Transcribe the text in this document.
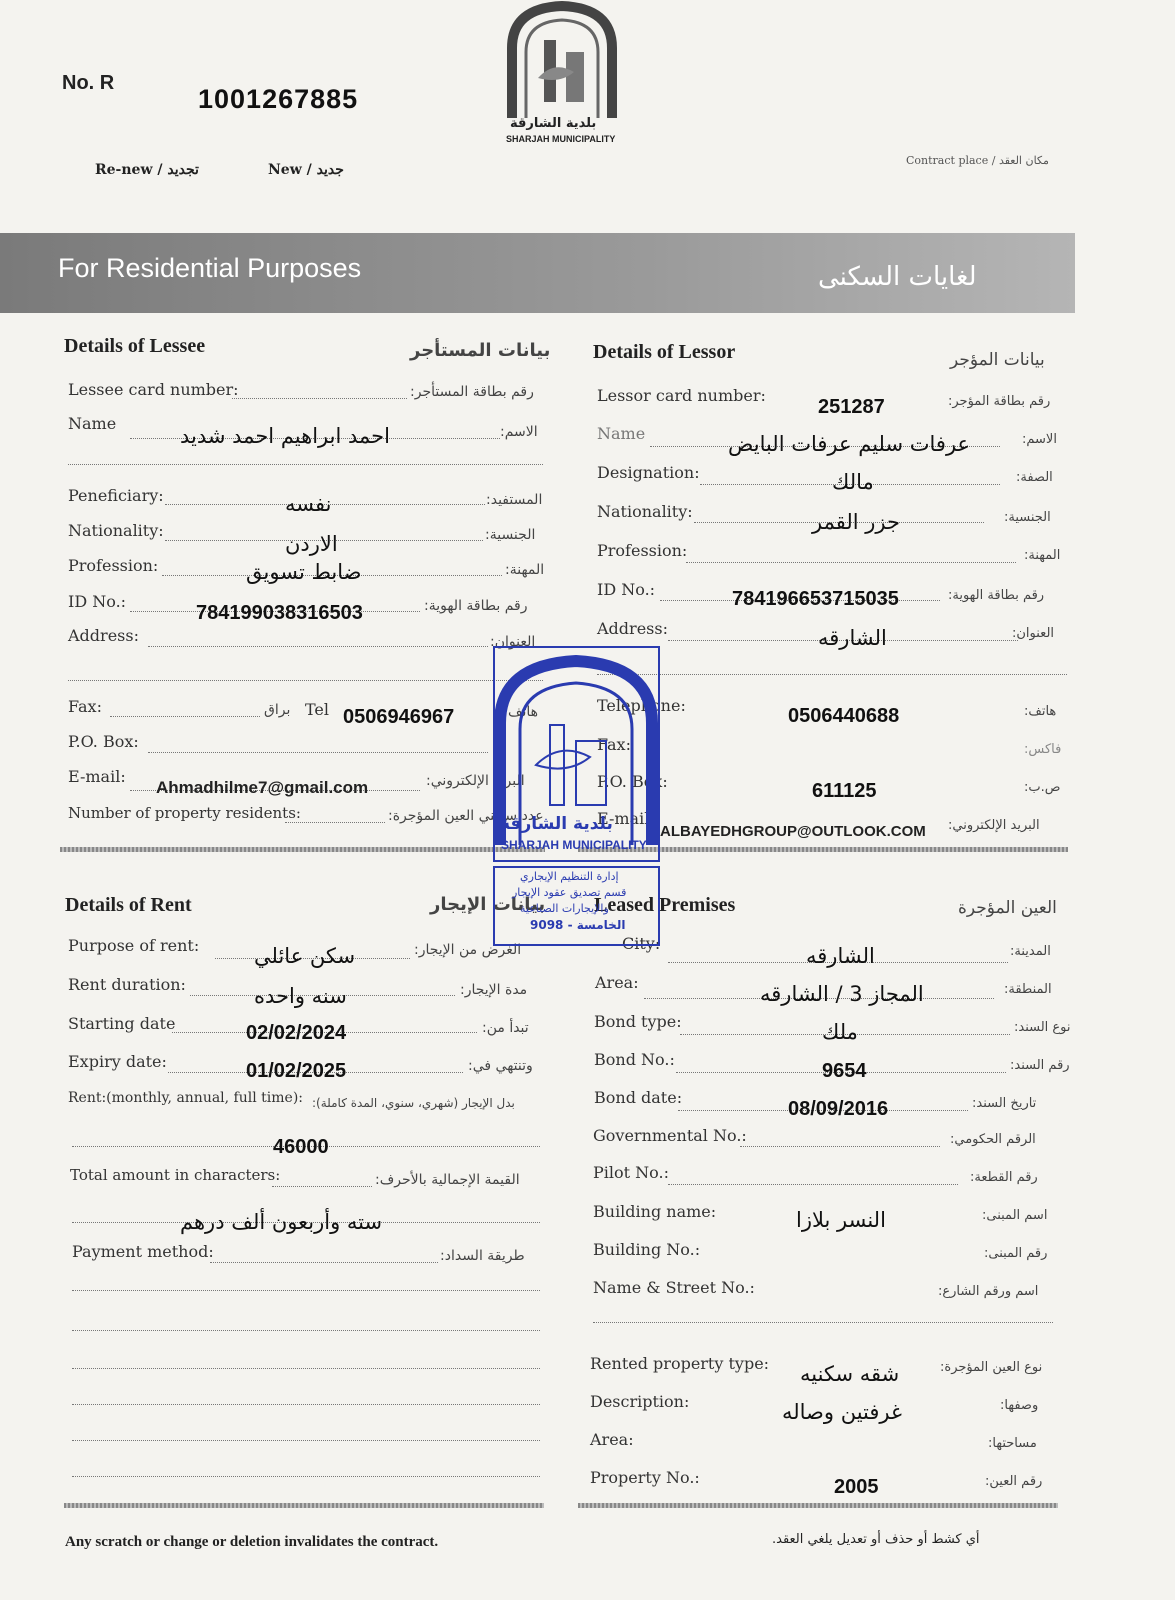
No. R
1001267885
Re-new / تجديد	New / جديد
Contract place / مكان العقد
بلدية الشارقة
SHARJAH MUNICIPALITY
For Residential Purposes	لغايات السكنى
Details of Lessee	بيانات المستأجر
Lessee card number:	رقم بطاقة المستأجر:
Name	الاسم:
احمد ابراهيم احمد شديد
Peneficiary:	المستفيد:
نفسه
Nationality:	الجنسية:
الاردن
Profession:	المهنة:
ضابط تسويق
ID No.:	رقم بطاقة الهوية:
784199038316503
Address:	العنوان:
Fax:	براق Tel 0506946967	هاتف
P.O. Box:
E-mail:	البريد الإلكتروني:
Ahmadhilme7@gmail.com
Number of property residents:	عدد ساكني العين المؤجرة:
Details of Lessor	بيانات المؤجر
Lessor card number:	رقم بطاقة المؤجر:
251287
Name	الاسم:
عرفات سليم عرفات البايض
Designation:	الصفة:
مالك
Nationality:	الجنسية:
جزر القمر
Profession:	المهنة:
ID No.:	رقم بطاقة الهوية:
784196653715035
Address:	العنوان:
الشارقه
Telephone:	هاتف:
0506440688
Fax:	فاكس:
P.O. Box:	ص.ب:
611125
E-mail:	البريد الإلكتروني:
ALBAYEDHGROUP@OUTLOOK.COM
Details of Rent	بيانات الإيجار
Purpose of rent:	الغرض من الإيجار:
سكن عائلي
Rent duration:	مدة الإيجار:
سنه واحده
Starting date	تبدأ من:
02/02/2024
Expiry date:	وتنتهي في:
01/02/2025
Rent:(monthly, annual, full time): بدل الإيجار (شهري، سنوي، المدة كاملة):
46000
Total amount in characters:	القيمة الإجمالية بالأحرف:
سته وأربعون ألف درهم
Payment method:	طريقة السداد:
Leased Premises	العين المؤجرة
City:	المدينة:
الشارقه
Area:	المنطقة:
المجاز 3 / الشارقه
Bond type:	نوع السند:
ملك
Bond No.:	رقم السند:
9654
Bond date:	تاريخ السند:
08/09/2016
Governmental No.:	الرقم الحكومي:
Pilot No.:	رقم القطعة:
Building name:	اسم المبنى:
النسر بلازا
Building No.:	رقم المبنى:
Name & Street No.:	اسم ورقم الشارع:
Rented property type:	نوع العين المؤجرة:
شقه سكنيه
Description:	وصفها:
غرفتين وصاله
Area:	مساحتها:
Property No.:	رقم العين:
2005
بلدية الشارقة
SHARJAH MUNICIPALITY
إدارة التنظيم الإيجاري
قسم تصديق عقود الإيجار
والإيجارات الصناعية
الخامسة - 9098
Any scratch or change or deletion invalidates the contract.	أي كشط أو حذف أو تعديل يلغي العقد.
